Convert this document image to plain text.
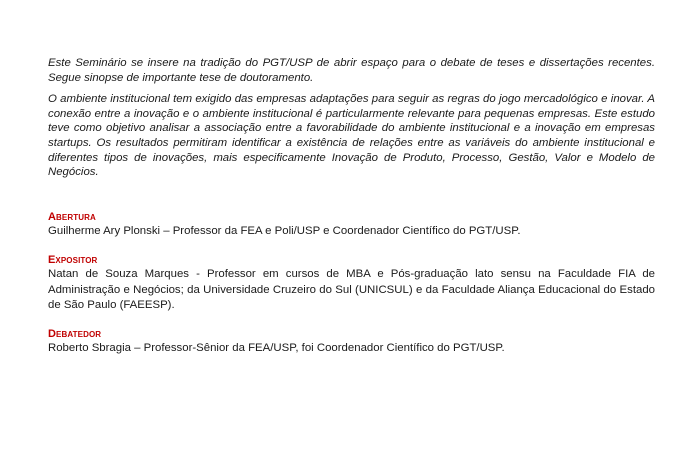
Este Seminário se insere na tradição do PGT/USP de abrir espaço para o debate de teses e dissertações recentes. Segue sinopse de importante tese de doutoramento.

O ambiente institucional tem exigido das empresas adaptações para seguir as regras do jogo mercadológico e inovar. A conexão entre a inovação e o ambiente institucional é particularmente relevante para pequenas empresas. Este estudo teve como objetivo analisar a associação entre a favorabilidade do ambiente institucional e a inovação em empresas startups. Os resultados permitiram identificar a existência de relações entre as variáveis do ambiente institucional e diferentes tipos de inovações, mais especificamente Inovação de Produto, Processo, Gestão, Valor e Modelo de Negócios.

Abertura
Guilherme Ary Plonski – Professor da FEA e Poli/USP e Coordenador Científico do PGT/USP.
Expositor
Natan de Souza Marques - Professor em cursos de MBA e Pós-graduação lato sensu na Faculdade FIA de Administração e Negócios; da Universidade Cruzeiro do Sul (UNICSUL) e da Faculdade Aliança Educacional do Estado de São Paulo (FAEESP).
Debatedor
Roberto Sbragia – Professor-Sênior da FEA/USP, foi Coordenador Científico do PGT/USP.
